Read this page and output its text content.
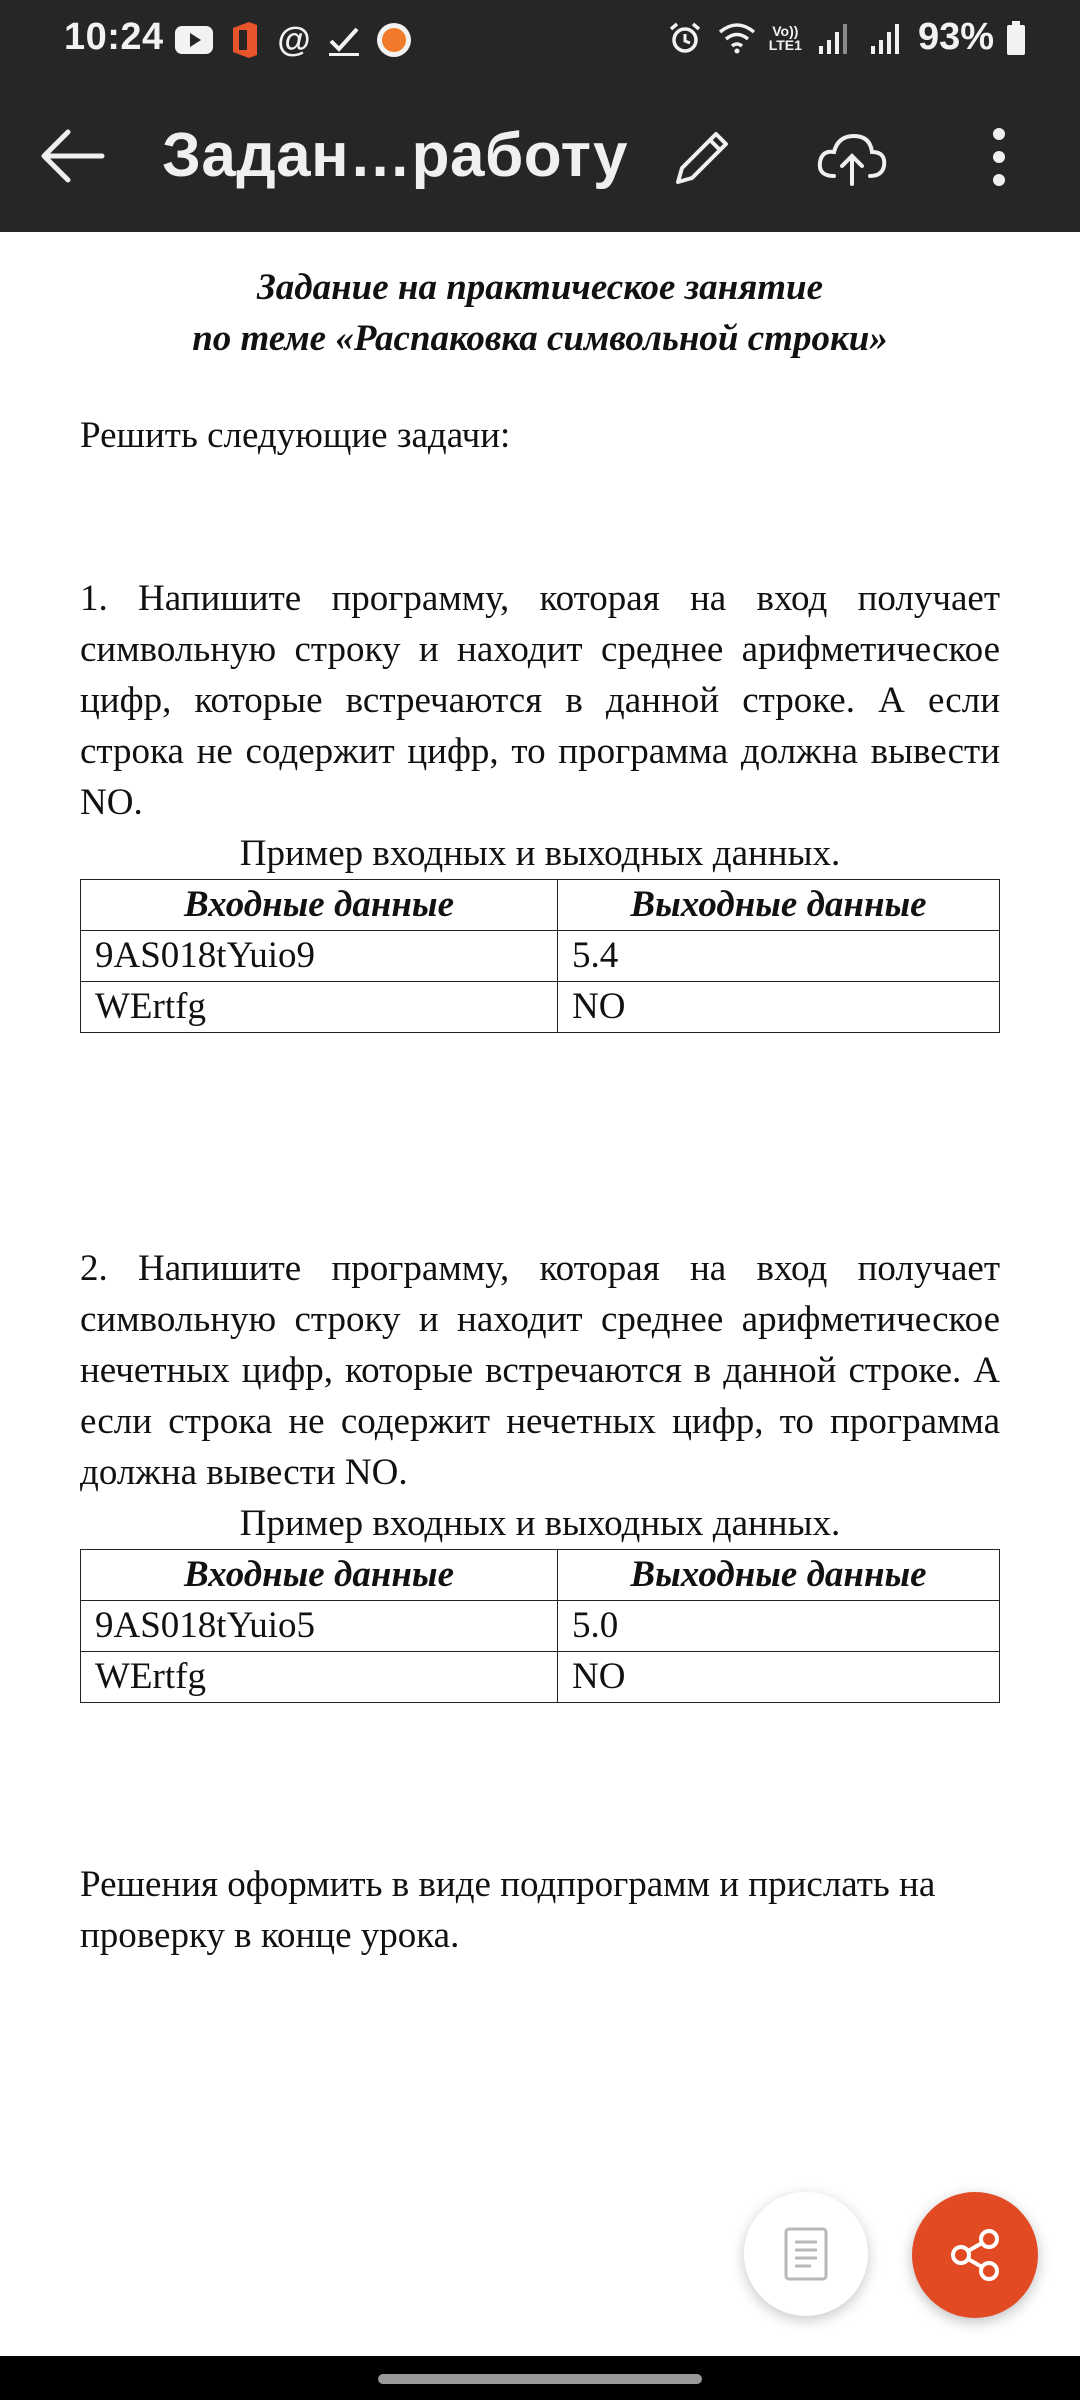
10:24	@	Vo))
LTE1	93%
Задан…работу
Задание на практическое занятие
по теме «Распаковка символьной строки»

Решить следующие задачи:

1. Напишите программу, которая на вход получает символьную строку и находит среднее арифметическое цифр, которые встречаются в данной строке. А если строка не содержит цифр, то программа должна вывести NO.

Пример входных и выходных данных.
Входные данные	Выходные данные
9AS018tYuio9	5.4
WErtfg	NO

2. Напишите программу, которая на вход получает символьную строку и находит среднее арифметическое нечетных цифр, которые встречаются в данной строке. А если строка не содержит нечетных цифр, то программа должна вывести NO.

Пример входных и выходных данных.
Входные данные	Выходные данные
9AS018tYuio5	5.0
WErtfg	NO

Решения оформить в виде подпрограмм и прислать на проверку в конце урока.
